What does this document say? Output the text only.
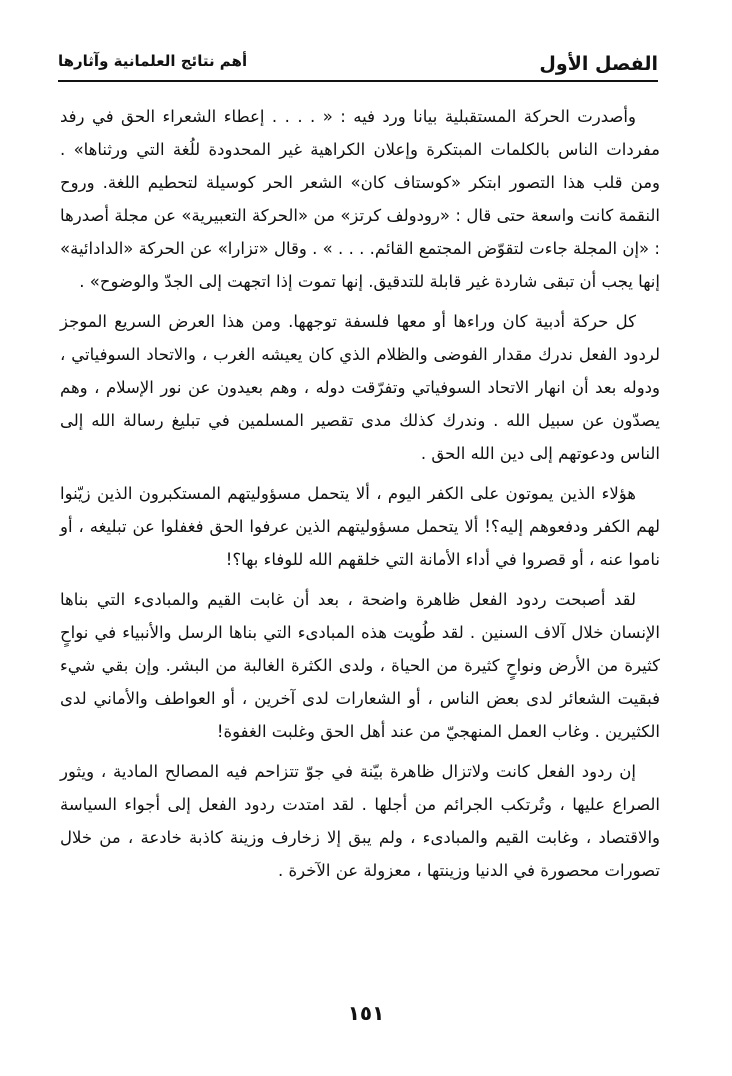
الفصل الأول
أهم نتائج العلمانية وآثارها

وأصدرت الحركة المستقبلية بيانا ورد فيه : « . . . . إعطاء الشعراء الحق في رفد مفردات الناس بالكلمات المبتكرة وإعلان الكراهية غير المحدودة للُغة التي ورثناها» . ومن قلب هذا التصور ابتكر «كوستاف كان» الشعر الحر كوسيلة لتحطيم اللغة. وروح النقمة كانت واسعة حتى قال : «رودولف كرتز» من «الحركة التعبيرية» عن مجلة أصدرها : «إن المجلة جاءت لتقوّض المجتمع القائم. . . . » . وقال «تزارا» عن الحركة «الدادائية» إنها يجب أن تبقى شاردة غير قابلة للتدقيق. إنها تموت إذا اتجهت إلى الجدّ والوضوح» .

كل حركة أدبية كان وراءها أو معها فلسفة توجهها. ومن هذا العرض السريع الموجز لردود الفعل ندرك مقدار الفوضى والظلام الذي كان يعيشه الغرب ، والاتحاد السوفياتي ، ودوله بعد أن انهار الاتحاد السوفياتي وتفرّقت دوله ، وهم بعيدون عن نور الإسلام ، وهم يصدّون عن سبيل الله . وندرك كذلك مدى تقصير المسلمين في تبليغ رسالة الله إلى الناس ودعوتهم إلى دين الله الحق .

هؤلاء الذين يموتون على الكفر اليوم ، ألا يتحمل مسؤوليتهم المستكبرون الذين زيّنوا لهم الكفر ودفعوهم إليه؟! ألا يتحمل مسؤوليتهم الذين عرفوا الحق فغفلوا عن تبليغه ، أو ناموا عنه ، أو قصروا في أداء الأمانة التي خلقهم الله للوفاء بها؟!

لقد أصبحت ردود الفعل ظاهرة واضحة ، بعد أن غابت القيم والمبادىء التي بناها الإنسان خلال آلاف السنين . لقد طُويت هذه المبادىء التي بناها الرسل والأنبياء في نواحٍ كثيرة من الأرض ونواحٍ كثيرة من الحياة ، ولدى الكثرة الغالبة من البشر. وإن بقي شيء فبقيت الشعائر لدى بعض الناس ، أو الشعارات لدى آخرين ، أو العواطف والأماني لدى الكثيرين . وغاب العمل المنهجيّ من عند أهل الحق وغلبت الغفوة!

إن ردود الفعل كانت ولاتزال ظاهرة بيّنة في جوّ تتزاحم فيه المصالح المادية ، ويثور الصراع عليها ، وتُرتكب الجرائم من أجلها . لقد امتدت ردود الفعل إلى أجواء السياسة والاقتصاد ، وغابت القيم والمبادىء ، ولم يبق إلا زخارف وزينة كاذبة خادعة ، من خلال تصورات محصورة في الدنيا وزينتها ، معزولة عن الآخرة .

١٥١
